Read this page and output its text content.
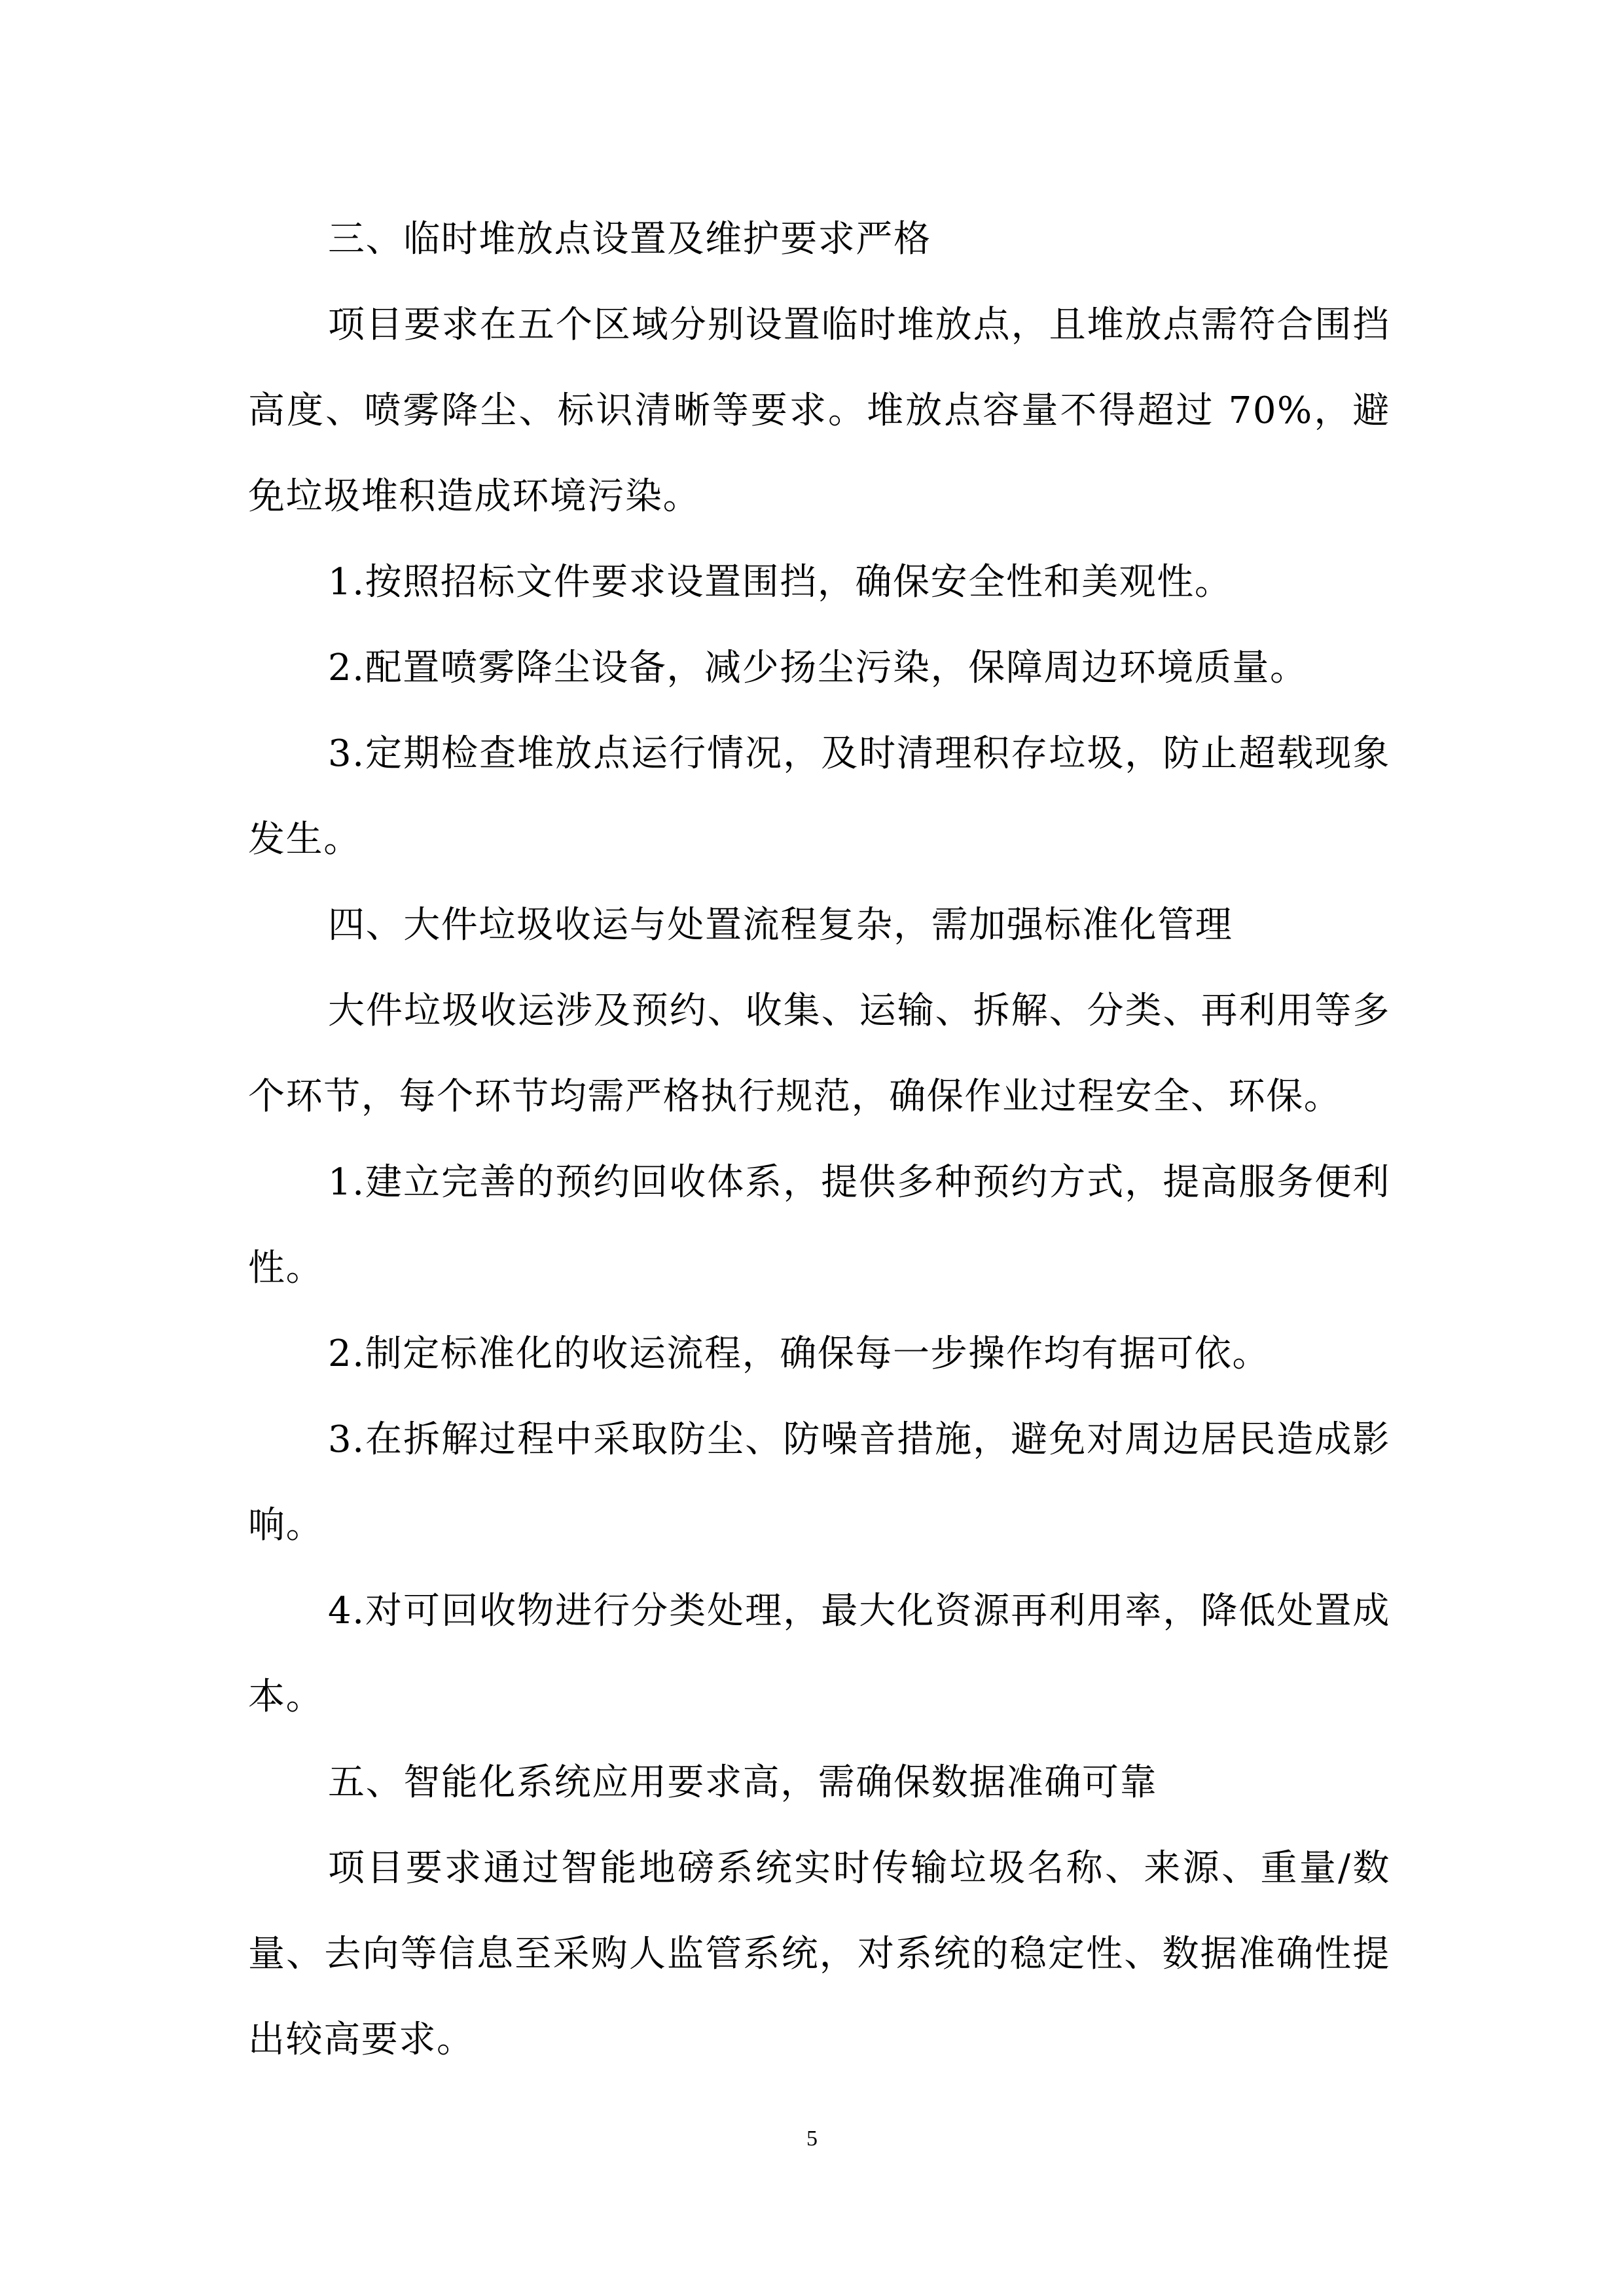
三、临时堆放点设置及维护要求严格

项目要求在五个区域分别设置临时堆放点，且堆放点需符合围挡高度、喷雾降尘、标识清晰等要求。堆放点容量不得超过 70%，避免垃圾堆积造成环境污染。

1.按照招标文件要求设置围挡，确保安全性和美观性。

2.配置喷雾降尘设备，减少扬尘污染，保障周边环境质量。

3.定期检查堆放点运行情况，及时清理积存垃圾，防止超载现象发生。

四、大件垃圾收运与处置流程复杂，需加强标准化管理

大件垃圾收运涉及预约、收集、运输、拆解、分类、再利用等多个环节，每个环节均需严格执行规范，确保作业过程安全、环保。

1.建立完善的预约回收体系，提供多种预约方式，提高服务便利性。

2.制定标准化的收运流程，确保每一步操作均有据可依。

3.在拆解过程中采取防尘、防噪音措施，避免对周边居民造成影响。

4.对可回收物进行分类处理，最大化资源再利用率，降低处置成本。

五、智能化系统应用要求高，需确保数据准确可靠

项目要求通过智能地磅系统实时传输垃圾名称、来源、重量/数量、去向等信息至采购人监管系统，对系统的稳定性、数据准确性提出较高要求。

5
